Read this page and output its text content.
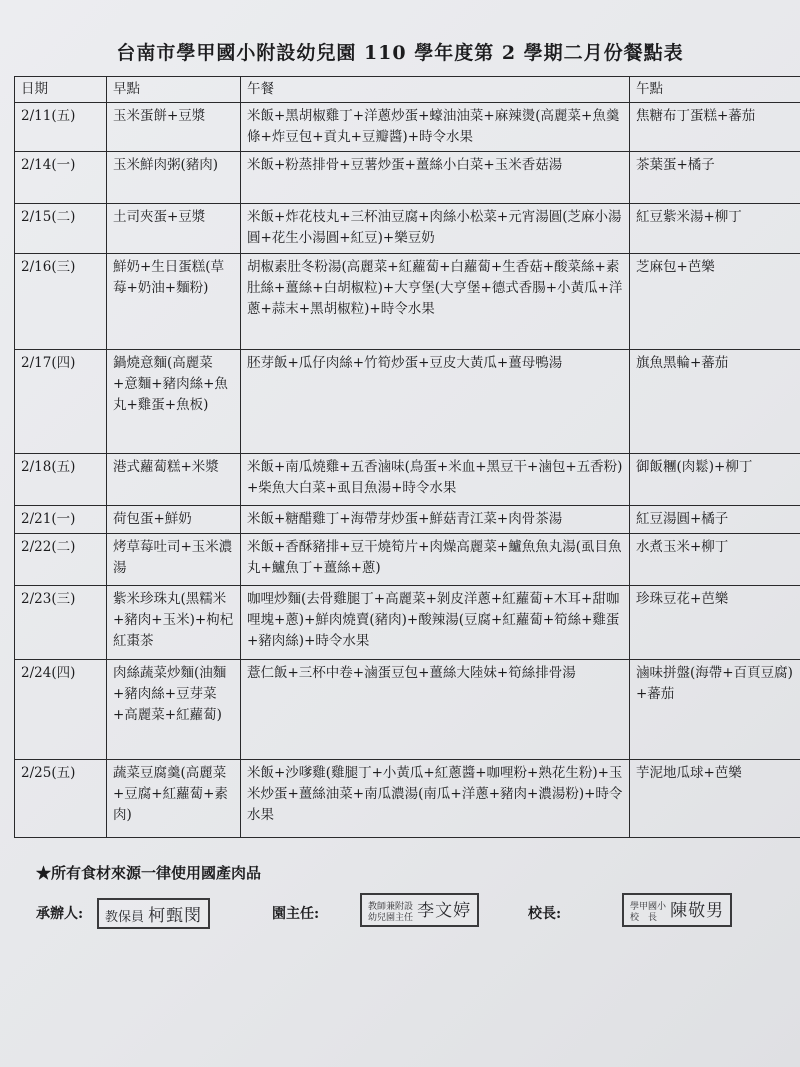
台南市學甲國小附設幼兒園 110 學年度第 2 學期二月份餐點表
日期	早點	午餐	午點
2/11(五)	玉米蛋餅+豆漿	米飯+黑胡椒雞丁+洋蔥炒蛋+蠔油油菜+麻辣燙(高麗菜+魚羹條+炸豆包+貢丸+豆瓣醬)+時令水果	焦糖布丁蛋糕+蕃茄
2/14(一)	玉米鮮肉粥(豬肉)	米飯+粉蒸排骨+豆薯炒蛋+薑絲小白菜+玉米香菇湯	茶葉蛋+橘子
2/15(二)	土司夾蛋+豆漿	米飯+炸花枝丸+三杯油豆腐+肉絲小松菜+元宵湯圓(芝麻小湯圓+花生小湯圓+紅豆)+樂豆奶	紅豆紫米湯+柳丁
2/16(三)	鮮奶+生日蛋糕(草莓+奶油+麵粉)	胡椒素肚冬粉湯(高麗菜+紅蘿蔔+白蘿蔔+生香菇+酸菜絲+素肚絲+薑絲+白胡椒粒)+大亨堡(大亨堡+德式香腸+小黃瓜+洋蔥+蒜末+黑胡椒粒)+時令水果	芝麻包+芭樂
2/17(四)	鍋燒意麵(高麗菜+意麵+豬肉絲+魚丸+雞蛋+魚板)	胚芽飯+瓜仔肉絲+竹筍炒蛋+豆皮大黃瓜+薑母鴨湯	旗魚黑輪+蕃茄
2/18(五)	港式蘿蔔糕+米漿	米飯+南瓜燒雞+五香滷味(鳥蛋+米血+黑豆干+滷包+五香粉)+柴魚大白菜+虱目魚湯+時令水果	御飯糰(肉鬆)+柳丁
2/21(一)	荷包蛋+鮮奶	米飯+糖醋雞丁+海帶芽炒蛋+鮮菇青江菜+肉骨茶湯	紅豆湯圓+橘子
2/22(二)	烤草莓吐司+玉米濃湯	米飯+香酥豬排+豆干燒筍片+肉燥高麗菜+鱸魚魚丸湯(虱目魚丸+鱸魚丁+薑絲+蔥)	水煮玉米+柳丁
2/23(三)	紫米珍珠丸(黑糯米+豬肉+玉米)+枸杞紅棗茶	咖哩炒麵(去骨雞腿丁+高麗菜+剝皮洋蔥+紅蘿蔔+木耳+甜咖哩塊+蔥)+鮮肉燒賣(豬肉)+酸辣湯(豆腐+紅蘿蔔+筍絲+雞蛋+豬肉絲)+時令水果	珍珠豆花+芭樂
2/24(四)	肉絲蔬菜炒麵(油麵+豬肉絲+豆芽菜+高麗菜+紅蘿蔔)	薏仁飯+三杯中卷+滷蛋豆包+薑絲大陸妹+筍絲排骨湯	滷味拼盤(海帶+百頁豆腐)+蕃茄
2/25(五)	蔬菜豆腐羹(高麗菜+豆腐+紅蘿蔔+素肉)	米飯+沙嗲雞(雞腿丁+小黃瓜+紅蔥醬+咖哩粉+熟花生粉)+玉米炒蛋+薑絲油菜+南瓜濃湯(南瓜+洋蔥+豬肉+濃湯粉)+時令水果	芋泥地瓜球+芭樂
★所有食材來源一律使用國產肉品
承辦人:	教保員 柯甄閔	園主任:	教師兼附設
幼兒園主任 李文婷	校長:	學甲國小
校　長 陳敬男
